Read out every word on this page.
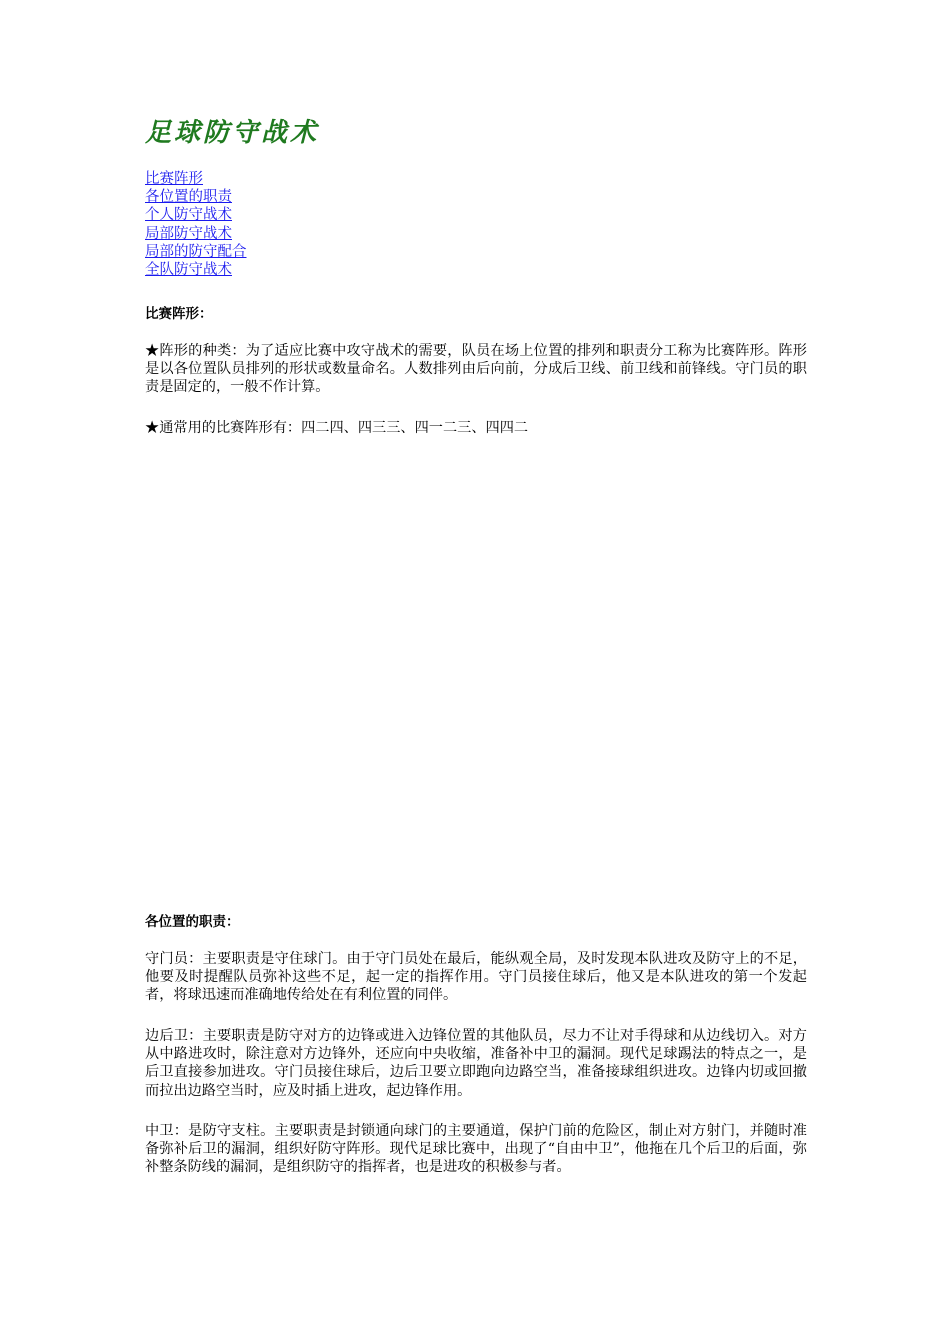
足球防守战术
比赛阵形
各位置的职责
个人防守战术
局部防守战术
局部的防守配合
全队防守战术
比赛阵形：

★阵形的种类：为了适应比赛中攻守战术的需要，队员在场上位置的排列和职责分工称为比赛阵形。阵形是以各位置队员排列的形状或数量命名。人数排列由后向前，分成后卫线、前卫线和前锋线。守门员的职责是固定的，一般不作计算。

★通常用的比赛阵形有：四二四、四三三、四一二三、四四二

各位置的职责：

守门员：主要职责是守住球门。由于守门员处在最后，能纵观全局，及时发现本队进攻及防守上的不足，他要及时提醒队员弥补这些不足，起一定的指挥作用。守门员接住球后，他又是本队进攻的第一个发起者，将球迅速而准确地传给处在有利位置的同伴。

边后卫：主要职责是防守对方的边锋或进入边锋位置的其他队员，尽力不让对手得球和从边线切入。对方从中路进攻时，除注意对方边锋外，还应向中央收缩，准备补中卫的漏洞。现代足球踢法的特点之一，是后卫直接参加进攻。守门员接住球后，边后卫要立即跑向边路空当，准备接球组织进攻。边锋内切或回撤而拉出边路空当时，应及时插上进攻，起边锋作用。

中卫：是防守支柱。主要职责是封锁通向球门的主要通道，保护门前的危险区，制止对方射门，并随时准备弥补后卫的漏洞，组织好防守阵形。现代足球比赛中，出现了“自由中卫”，他拖在几个后卫的后面，弥补整条防线的漏洞，是组织防守的指挥者，也是进攻的积极参与者。
